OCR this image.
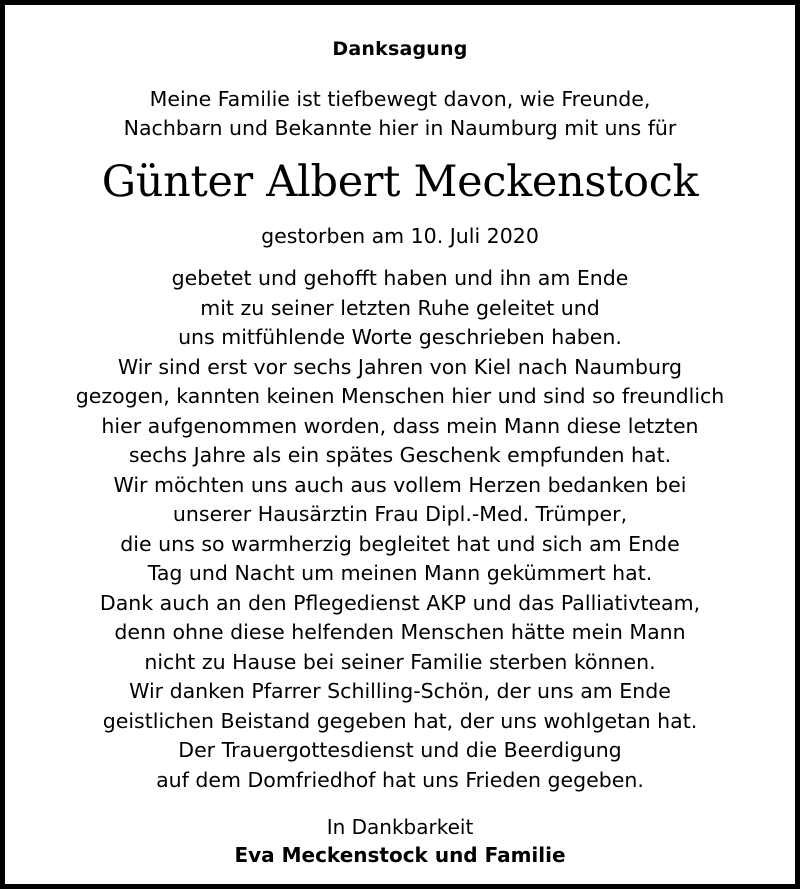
Danksagung
Meine Familie ist tiefbewegt davon, wie Freunde,
Nachbarn und Bekannte hier in Naumburg mit uns für
Günter Albert Meckenstock
gestorben am 10. Juli 2020
gebetet und gehofft haben und ihn am Ende
mit zu seiner letzten Ruhe geleitet und
uns mitfühlende Worte geschrieben haben.
Wir sind erst vor sechs Jahren von Kiel nach Naumburg
gezogen, kannten keinen Menschen hier und sind so freundlich
hier aufgenommen worden, dass mein Mann diese letzten
sechs Jahre als ein spätes Geschenk empfunden hat.
Wir möchten uns auch aus vollem Herzen bedanken bei
unserer Hausärztin Frau Dipl.-Med. Trümper,
die uns so warmherzig begleitet hat und sich am Ende
Tag und Nacht um meinen Mann gekümmert hat.
Dank auch an den Pflegedienst AKP und das Palliativteam,
denn ohne diese helfenden Menschen hätte mein Mann
nicht zu Hause bei seiner Familie sterben können.
Wir danken Pfarrer Schilling-Schön, der uns am Ende
geistlichen Beistand gegeben hat, der uns wohlgetan hat.
Der Trauergottesdienst und die Beerdigung
auf dem Domfriedhof hat uns Frieden gegeben.
In Dankbarkeit
Eva Meckenstock und Familie
